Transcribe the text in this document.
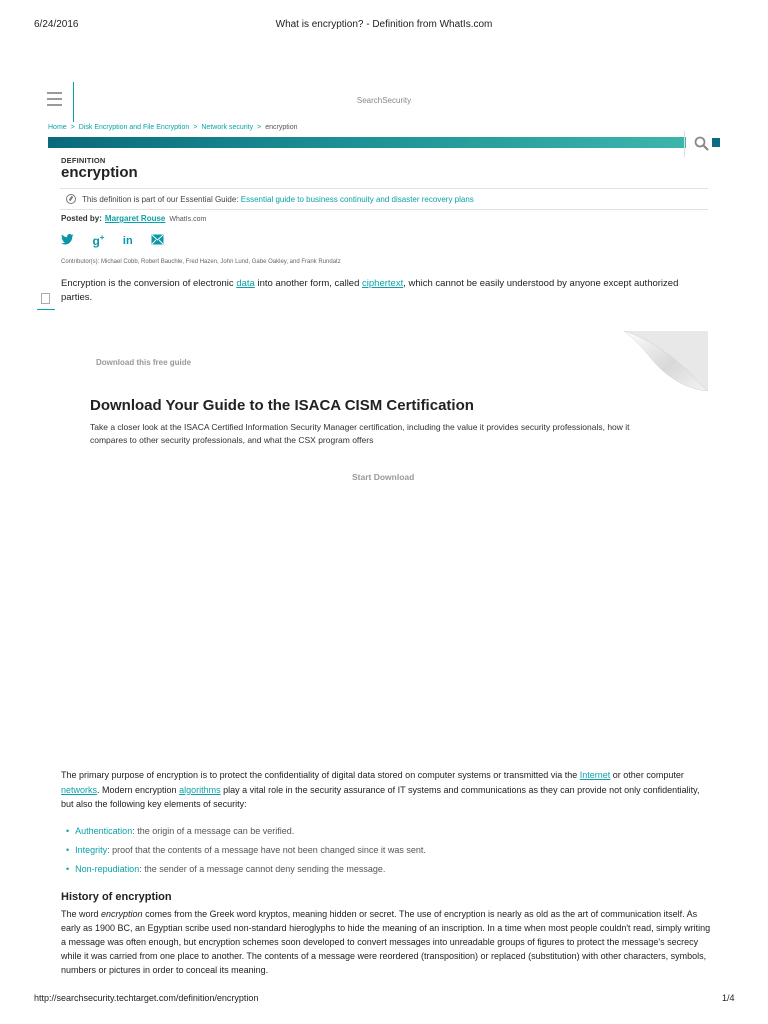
6/24/2016	What is encryption? - Definition from WhatIs.com
SearchSecurity
Home > Disk Encryption and File Encryption > Network security > encryption
DEFINITION
encryption
This definition is part of our Essential Guide: Essential guide to business continuity and disaster recovery plans
Posted by: Margaret Rouse WhatIs.com
g+ in
Contributor(s): Michael Cobb, Robert Bauchle, Fred Hazen, John Lund, Gabe Oakley, and Frank Rundatz

Encryption is the conversion of electronic data into another form, called ciphertext, which cannot be easily understood by anyone except authorized parties.

Download this free guide
Download Your Guide to the ISACA CISM Certification

Take a closer look at the ISACA Certified Information Security Manager certification, including the value it provides security professionals, how it compares to other security professionals, and what the CSX program offers

Start Download

The primary purpose of encryption is to protect the confidentiality of digital data stored on computer systems or transmitted via the Internet or other computer networks. Modern encryption algorithms play a vital role in the security assurance of IT systems and communications as they can provide not only confidentiality, but also the following key elements of security:

• Authentication: the origin of a message can be verified.
• Integrity: proof that the contents of a message have not been changed since it was sent.
• Non-repudiation: the sender of a message cannot deny sending the message.
History of encryption

The word encryption comes from the Greek word kryptos, meaning hidden or secret. The use of encryption is nearly as old as the art of communication itself. As early as 1900 BC, an Egyptian scribe used non-standard hieroglyphs to hide the meaning of an inscription. In a time when most people couldn't read, simply writing a message was often enough, but encryption schemes soon developed to convert messages into unreadable groups of figures to protect the message's secrecy while it was carried from one place to another. The contents of a message were reordered (transposition) or replaced (substitution) with other characters, symbols, numbers or pictures in order to conceal its meaning.

http://searchsecurity.techtarget.com/definition/encryption	1/4
